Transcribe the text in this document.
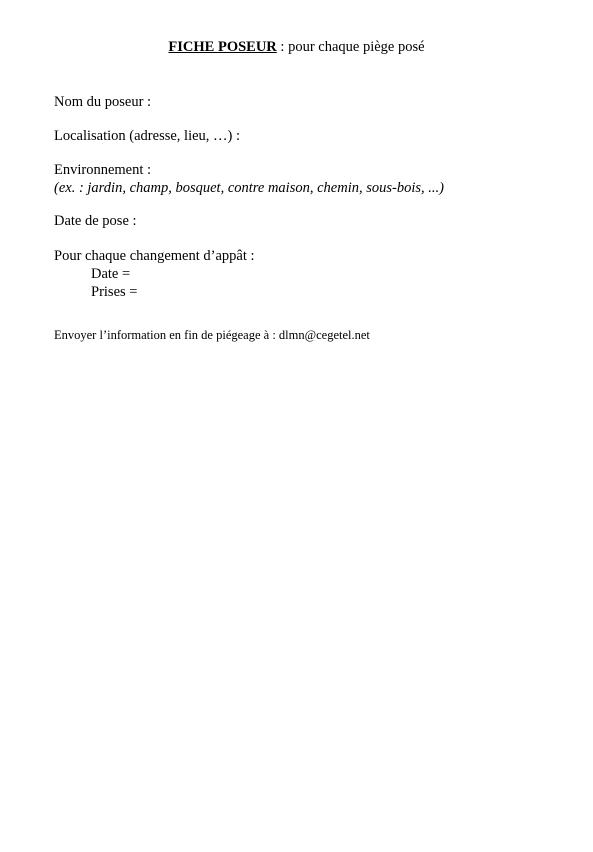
FICHE POSEUR : pour chaque piège posé
Nom du poseur :
Localisation (adresse, lieu, …) :
Environnement :
(ex. : jardin, champ, bosquet, contre maison, chemin, sous-bois, ...)
Date de pose :
Pour chaque changement d’appât :
Date =
Prises =
Envoyer l’information en fin de piégeage à : dlmn@cegetel.net
